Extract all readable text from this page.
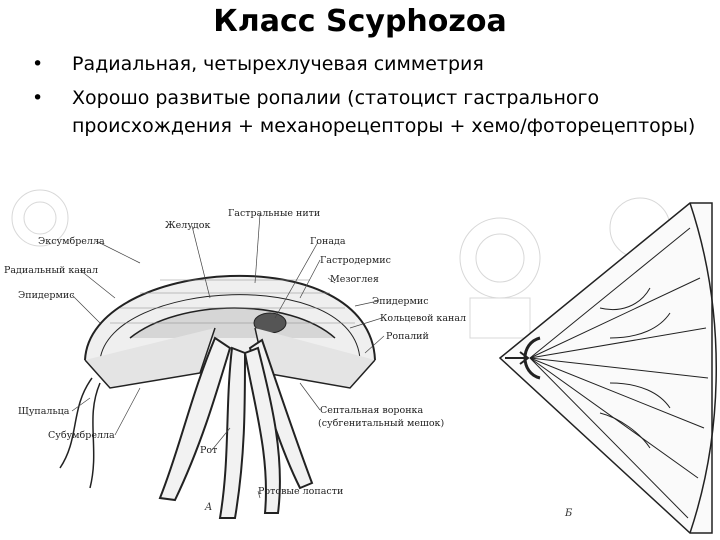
Класс Scyphozoa
• Радиальная, четырехлучевая симметрия
• Хорошо развитые ропалии (статоцист гастрального происхождения + механорецепторы + хемо/фоторецепторы)
Желудок
Гастральные нити
Эксумбрелла	Гонада
Гастродермис
Радиальный канал
Мезоглея
Эпидермис
Эпидермис
Кольцевой канал
Ропалий
Щупальца	Септальная воронка
(субгенитальный мешок)
Субумбрелла
Рот
Ротовые лопасти
A
Б
